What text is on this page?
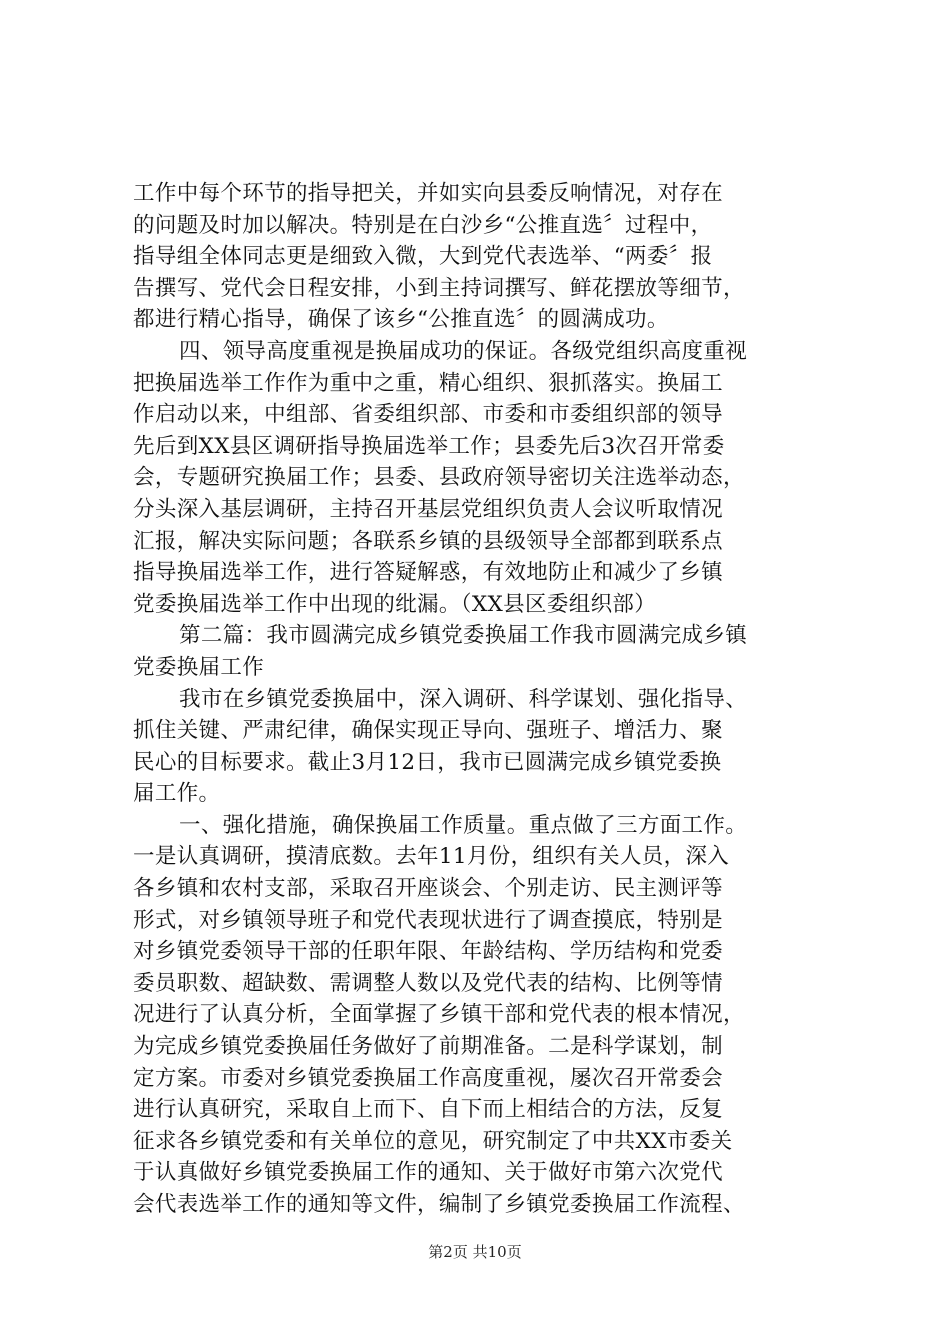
工作中每个环节的指导把关，并如实向县委反响情况，对存在
的问题及时加以解决。特别是在白沙乡“公推直选〞过程中，
指导组全体同志更是细致入微，大到党代表选举、“两委〞报
告撰写、党代会日程安排，小到主持词撰写、鲜花摆放等细节，
都进行精心指导，确保了该乡“公推直选〞的圆满成功。
四、领导高度重视是换届成功的保证。各级党组织高度重视
把换届选举工作作为重中之重，精心组织、狠抓落实。换届工
作启动以来，中组部、省委组织部、市委和市委组织部的领导
先后到XX县区调研指导换届选举工作；县委先后3次召开常委
会，专题研究换届工作；县委、县政府领导密切关注选举动态，
分头深入基层调研，主持召开基层党组织负责人会议听取情况
汇报，解决实际问题；各联系乡镇的县级领导全部都到联系点
指导换届选举工作，进行答疑解惑，有效地防止和减少了乡镇
党委换届选举工作中出现的纰漏。（XX县区委组织部）
第二篇：我市圆满完成乡镇党委换届工作我市圆满完成乡镇
党委换届工作
我市在乡镇党委换届中，深入调研、科学谋划、强化指导、
抓住关键、严肃纪律，确保实现正导向、强班子、增活力、聚
民心的目标要求。截止3月12日，我市已圆满完成乡镇党委换
届工作。
一、强化措施，确保换届工作质量。重点做了三方面工作。
一是认真调研，摸清底数。去年11月份，组织有关人员，深入
各乡镇和农村支部，采取召开座谈会、个别走访、民主测评等
形式，对乡镇领导班子和党代表现状进行了调查摸底，特别是
对乡镇党委领导干部的任职年限、年龄结构、学历结构和党委
委员职数、超缺数、需调整人数以及党代表的结构、比例等情
况进行了认真分析，全面掌握了乡镇干部和党代表的根本情况，
为完成乡镇党委换届任务做好了前期准备。二是科学谋划，制
定方案。市委对乡镇党委换届工作高度重视，屡次召开常委会
进行认真研究，采取自上而下、自下而上相结合的方法，反复
征求各乡镇党委和有关单位的意见，研究制定了中共XX市委关
于认真做好乡镇党委换届工作的通知、关于做好市第六次党代
会代表选举工作的通知等文件，编制了乡镇党委换届工作流程、
第2页 共10页
